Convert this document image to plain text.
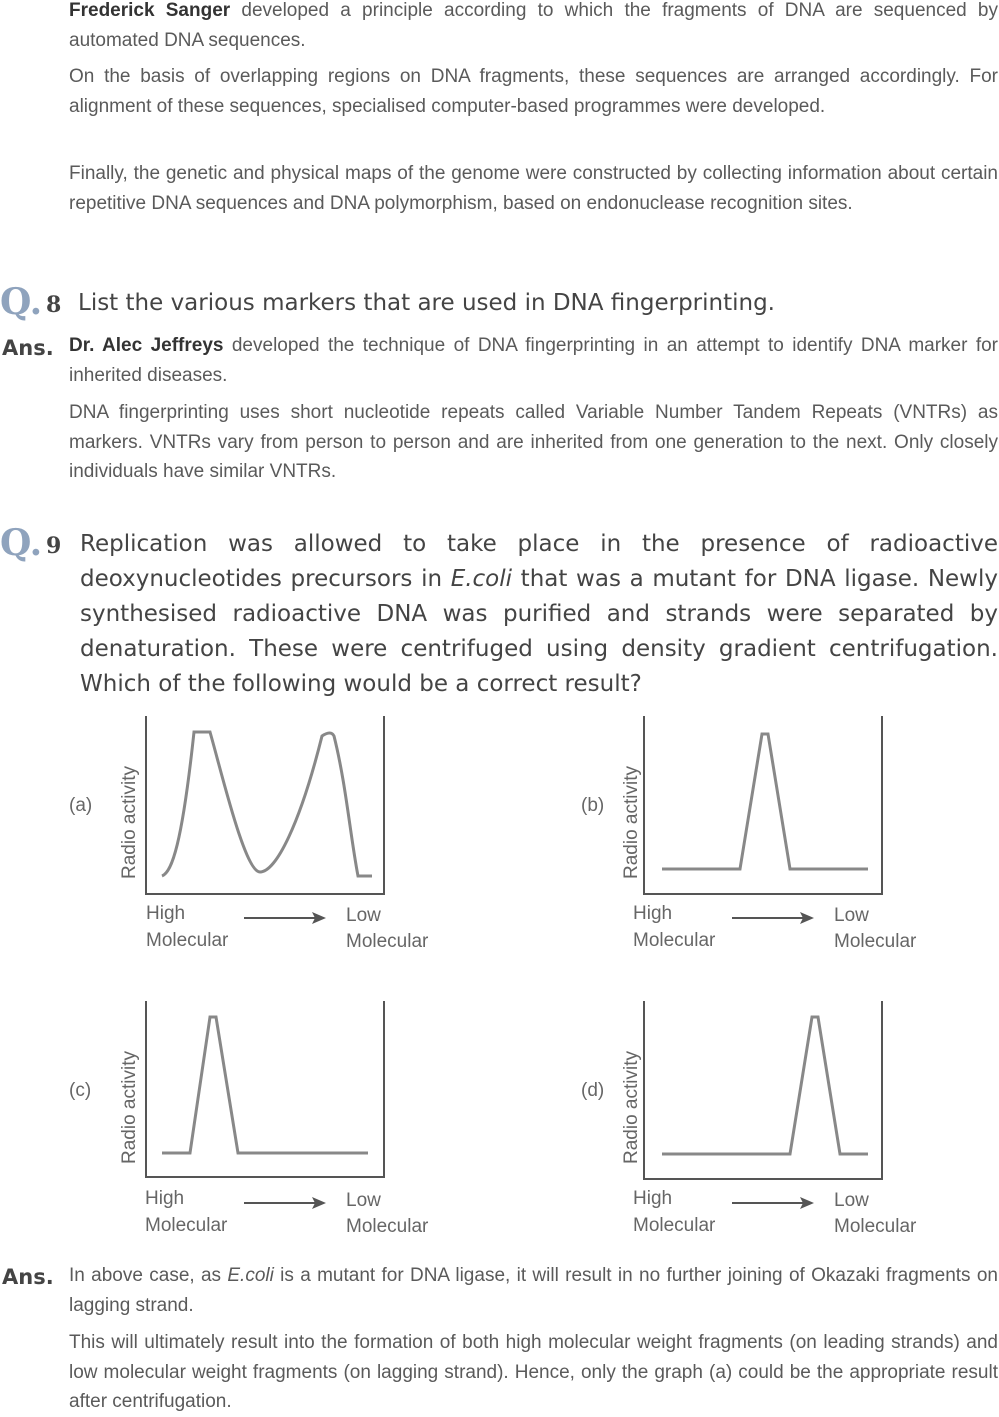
Frederick Sanger developed a principle according to which the fragments of DNA are sequenced by automated DNA sequences.

On the basis of overlapping regions on DNA fragments, these sequences are arranged accordingly. For alignment of these sequences, specialised computer-based programmes were developed.

Finally, the genetic and physical maps of the genome were constructed by collecting information about certain repetitive DNA sequences and DNA polymorphism, based on endonuclease recognition sites.

Q. 8 List the various markers that are used in DNA fingerprinting.
Ans. Dr. Alec Jeffreys developed the technique of DNA fingerprinting in an attempt to identify DNA marker for inherited diseases.

DNA fingerprinting uses short nucleotide repeats called Variable Number Tandem Repeats (VNTRs) as markers. VNTRs vary from person to person and are inherited from one generation to the next. Only closely individuals have similar VNTRs.

Q. 9 Replication was allowed to take place in the presence of radioactive deoxynucleotides precursors in E.coli that was a mutant for DNA ligase. Newly synthesised radioactive DNA was purified and strands were separated by denaturation. These were centrifuged using density gradient centrifugation. Which of the following would be a correct result?
(a) Radio activity
High
Molecular
Low
Molecular
(b) Radio activity
High
Molecular
Low
Molecular
(c) Radio activity
High
Molecular
Low
Molecular
(d) Radio activity
High
Molecular
Low
Molecular
Ans. In above case, as E.coli is a mutant for DNA ligase, it will result in no further joining of Okazaki fragments on lagging strand.

This will ultimately result into the formation of both high molecular weight fragments (on leading strands) and low molecular weight fragments (on lagging strand). Hence, only the graph (a) could be the appropriate result after centrifugation.
